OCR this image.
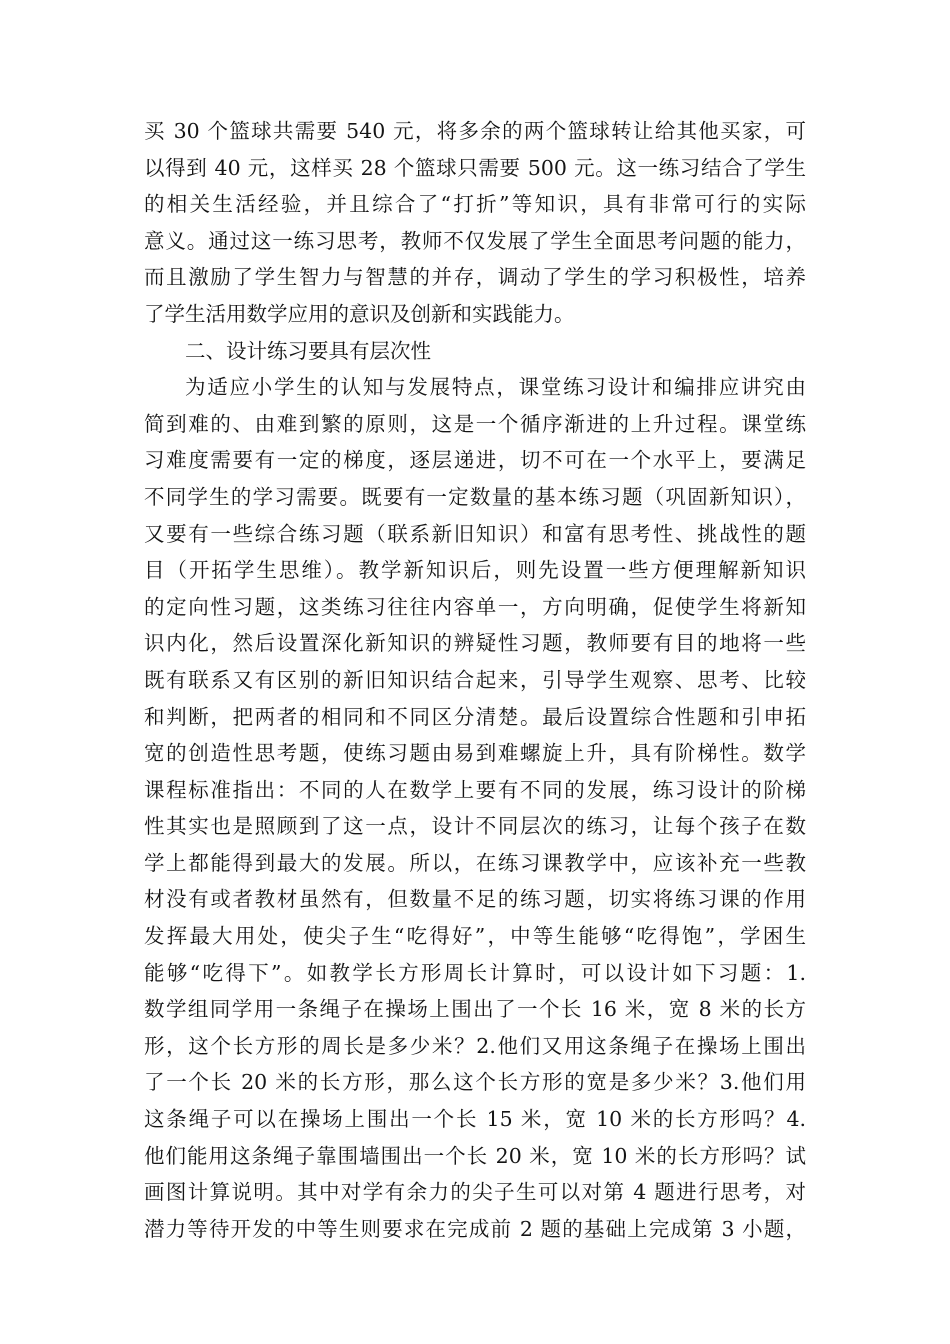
买 30 个篮球共需要 540 元，将多余的两个篮球转让给其他买家，可
以得到 40 元，这样买 28 个篮球只需要 500 元。这一练习结合了学生
的相关生活经验，并且综合了“打折”等知识，具有非常可行的实际
意义。通过这一练习思考，教师不仅发展了学生全面思考问题的能力，
而且激励了学生智力与智慧的并存，调动了学生的学习积极性，培养
了学生活用数学应用的意识及创新和实践能力。
二、设计练习要具有层次性
为适应小学生的认知与发展特点，课堂练习设计和编排应讲究由
简到难的、由难到繁的原则，这是一个循序渐进的上升过程。课堂练
习难度需要有一定的梯度，逐层递进，切不可在一个水平上，要满足
不同学生的学习需要。既要有一定数量的基本练习题（巩固新知识），
又要有一些综合练习题（联系新旧知识）和富有思考性、挑战性的题
目（开拓学生思维）。教学新知识后，则先设置一些方便理解新知识
的定向性习题，这类练习往往内容单一，方向明确，促使学生将新知
识内化，然后设置深化新知识的辨疑性习题，教师要有目的地将一些
既有联系又有区别的新旧知识结合起来，引导学生观察、思考、比较
和判断，把两者的相同和不同区分清楚。最后设置综合性题和引申拓
宽的创造性思考题，使练习题由易到难螺旋上升，具有阶梯性。数学
课程标准指出：不同的人在数学上要有不同的发展，练习设计的阶梯
性其实也是照顾到了这一点，设计不同层次的练习，让每个孩子在数
学上都能得到最大的发展。所以，在练习课教学中，应该补充一些教
材没有或者教材虽然有，但数量不足的练习题，切实将练习课的作用
发挥最大用处，使尖子生“吃得好”，中等生能够“吃得饱”，学困生
能够“吃得下”。如教学长方形周长计算时，可以设计如下习题：1.
数学组同学用一条绳子在操场上围出了一个长 16 米，宽 8 米的长方
形，这个长方形的周长是多少米？2.他们又用这条绳子在操场上围出
了一个长 20 米的长方形，那么这个长方形的宽是多少米？3.他们用
这条绳子可以在操场上围出一个长 15 米，宽 10 米的长方形吗？4.
他们能用这条绳子靠围墙围出一个长 20 米，宽 10 米的长方形吗？试
画图计算说明。其中对学有余力的尖子生可以对第 4 题进行思考，对
潜力等待开发的中等生则要求在完成前 2 题的基础上完成第 3 小题，
